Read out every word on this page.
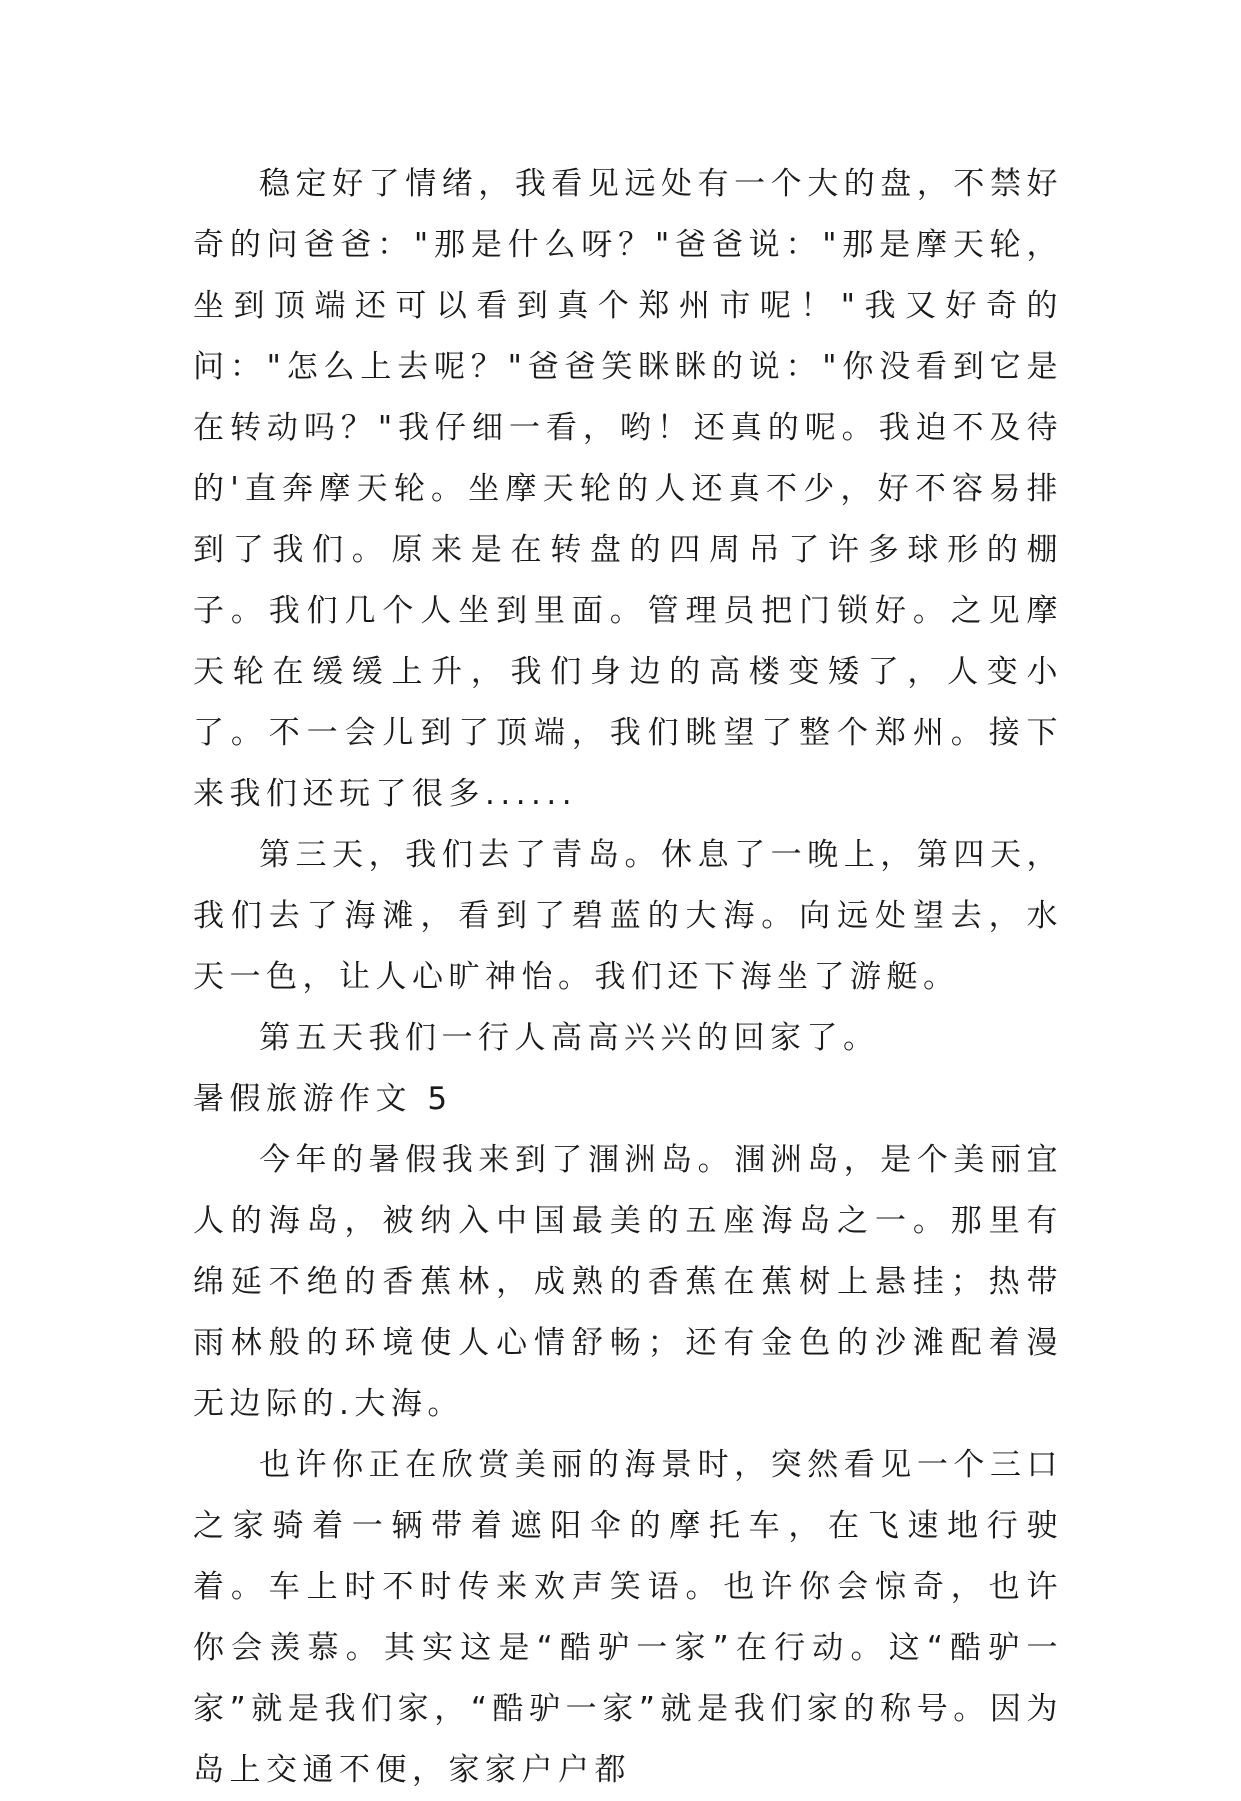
稳定好了情绪，我看见远处有一个大的盘，不禁好奇的问爸爸："那是什么呀？"爸爸说："那是摩天轮，坐到顶端还可以看到真个郑州市呢！"我又好奇的问："怎么上去呢？"爸爸笑眯眯的说："你没看到它是在转动吗？"我仔细一看，哟！还真的呢。我迫不及待的'直奔摩天轮。坐摩天轮的人还真不少，好不容易排到了我们。原来是在转盘的四周吊了许多球形的棚子。我们几个人坐到里面。管理员把门锁好。之见摩天轮在缓缓上升，我们身边的高楼变矮了，人变小了。不一会儿到了顶端，我们眺望了整个郑州。接下来我们还玩了很多......

第三天，我们去了青岛。休息了一晚上，第四天，我们去了海滩，看到了碧蓝的大海。向远处望去，水天一色，让人心旷神怡。我们还下海坐了游艇。

第五天我们一行人高高兴兴的回家了。

暑假旅游作文 5

今年的暑假我来到了涠洲岛。涠洲岛，是个美丽宜人的海岛，被纳入中国最美的五座海岛之一。那里有绵延不绝的香蕉林，成熟的香蕉在蕉树上悬挂；热带雨林般的环境使人心情舒畅；还有金色的沙滩配着漫无边际的.大海。

也许你正在欣赏美丽的海景时，突然看见一个三口之家骑着一辆带着遮阳伞的摩托车，在飞速地行驶着。车上时不时传来欢声笑语。也许你会惊奇，也许你会羡慕。其实这是“酷驴一家”在行动。这“酷驴一家”就是我们家，“酷驴一家”就是我们家的称号。因为岛上交通不便，家家户户都
